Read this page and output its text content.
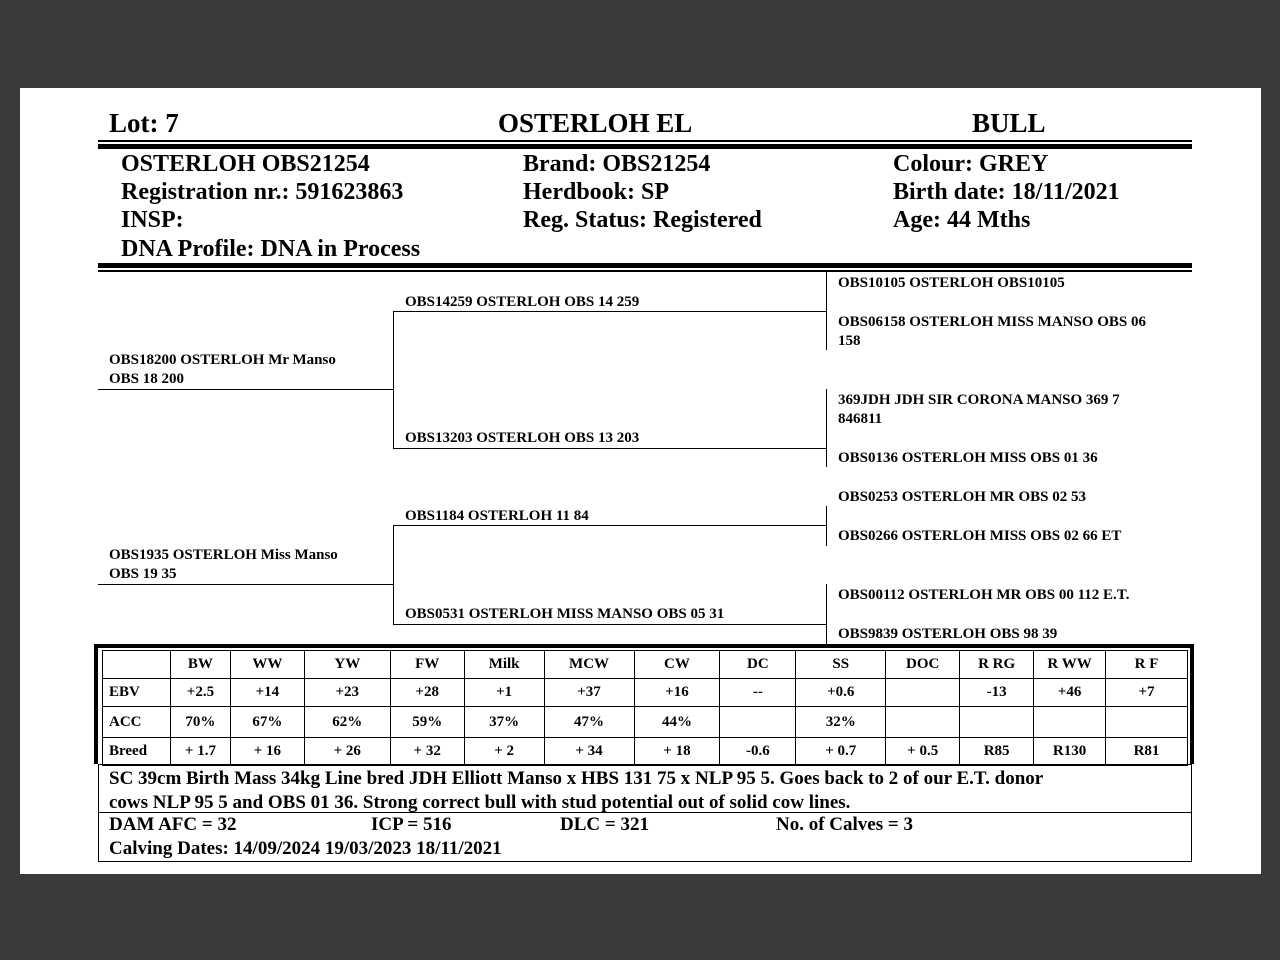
Lot: 7	OSTERLOH EL	BULL
OSTERLOH OBS21254
Registration nr.: 591623863
INSP:
DNA Profile: DNA in Process
Brand: OBS21254
Herdbook: SP
Reg. Status: Registered
Colour: GREY
Birth date: 18/11/2021
Age: 44 Mths
OBS18200 OSTERLOH Mr Manso
OBS 18 200
OBS1935 OSTERLOH Miss Manso
OBS 19 35
OBS14259 OSTERLOH OBS 14 259
OBS13203 OSTERLOH OBS 13 203
OBS1184 OSTERLOH 11 84
OBS0531 OSTERLOH MISS MANSO OBS 05 31
OBS10105 OSTERLOH OBS10105
OBS06158 OSTERLOH MISS MANSO OBS 06
158
369JDH JDH SIR CORONA MANSO 369 7
846811
OBS0136 OSTERLOH MISS OBS 01 36
OBS0253 OSTERLOH MR OBS 02 53
OBS0266 OSTERLOH MISS OBS 02 66 ET
OBS00112 OSTERLOH MR OBS 00 112 E.T.
OBS9839 OSTERLOH OBS 98 39
	BW	WW	YW	FW	Milk	MCW	CW	DC	SS	DOC	R RG	R WW	R F
EBV	+2.5	+14	+23	+28	+1	+37	+16	--	+0.6		-13	+46	+7
ACC	70%	67%	62%	59%	37%	47%	44%		32%				
Breed	+ 1.7	+ 16	+ 26	+ 32	+ 2	+ 34	+ 18	-0.6	+ 0.7	+ 0.5	R85	R130	R81
SC 39cm Birth Mass 34kg Line bred JDH Elliott Manso x HBS 131 75 x NLP 95 5. Goes back to 2 of our E.T. donor
cows NLP 95 5 and OBS 01 36. Strong correct bull with stud potential out of solid cow lines.
DAM AFC = 32	ICP = 516	DLC = 321	No. of Calves = 3
Calving Dates: 14/09/2024 19/03/2023 18/11/2021
